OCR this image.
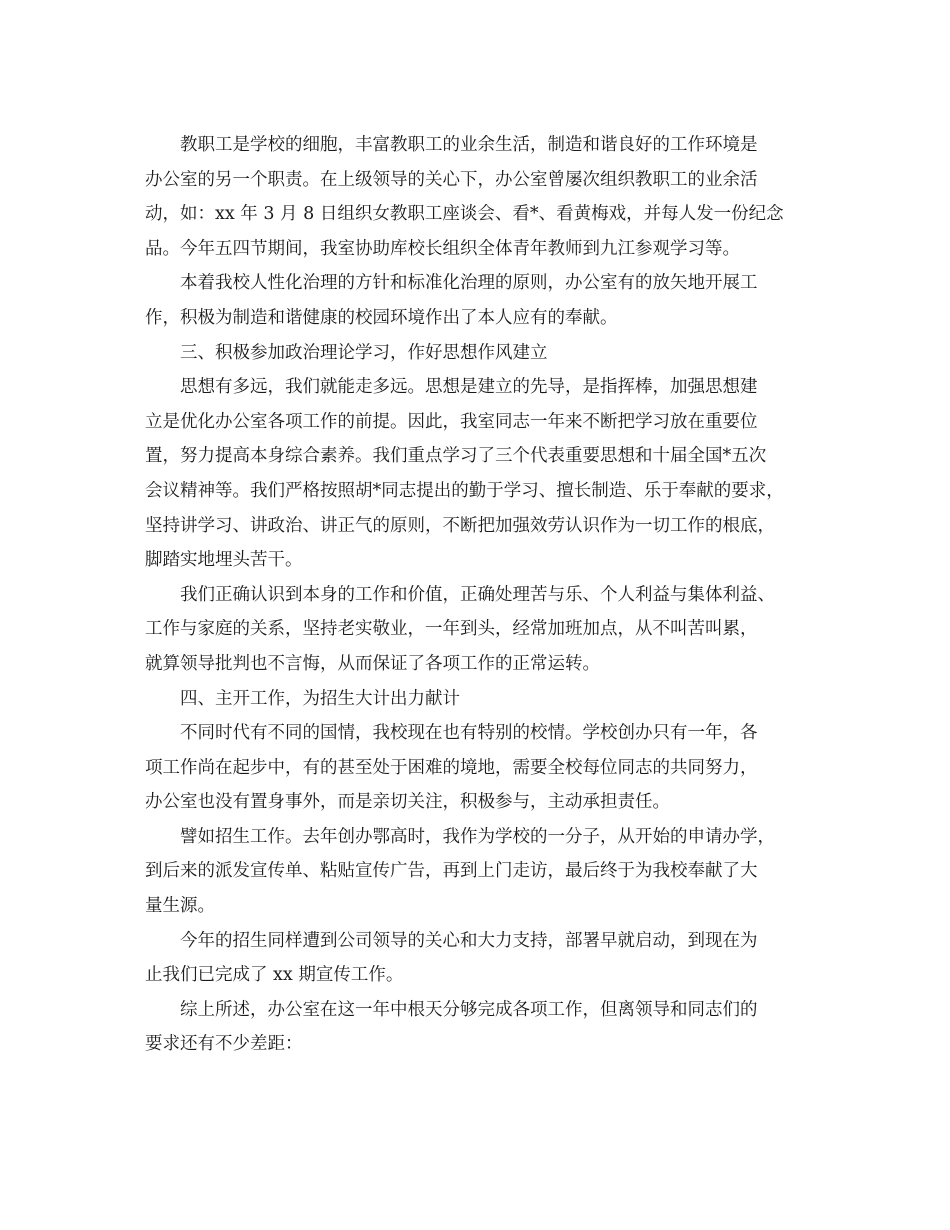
教职工是学校的细胞，丰富教职工的业余生活，制造和谐良好的工作环境是
办公室的另一个职责。在上级领导的关心下，办公室曾屡次组织教职工的业余活
动，如：xx 年 3 月 8 日组织女教职工座谈会、看*、看黄梅戏，并每人发一份纪念
品。今年五四节期间，我室协助库校长组织全体青年教师到九江参观学习等。
本着我校人性化治理的方针和标准化治理的原则，办公室有的放矢地开展工
作，积极为制造和谐健康的校园环境作出了本人应有的奉献。
三、积极参加政治理论学习，作好思想作风建立
思想有多远，我们就能走多远。思想是建立的先导，是指挥棒，加强思想建
立是优化办公室各项工作的前提。因此，我室同志一年来不断把学习放在重要位
置，努力提高本身综合素养。我们重点学习了三个代表重要思想和十届全国*五次
会议精神等。我们严格按照胡*同志提出的勤于学习、擅长制造、乐于奉献的要求，
坚持讲学习、讲政治、讲正气的原则，不断把加强效劳认识作为一切工作的根底，
脚踏实地埋头苦干。
我们正确认识到本身的工作和价值，正确处理苦与乐、个人利益与集体利益、
工作与家庭的关系，坚持老实敬业，一年到头，经常加班加点，从不叫苦叫累，
就算领导批判也不言悔，从而保证了各项工作的正常运转。
四、主开工作，为招生大计出力献计
不同时代有不同的国情，我校现在也有特别的校情。学校创办只有一年，各
项工作尚在起步中，有的甚至处于困难的境地，需要全校每位同志的共同努力，
办公室也没有置身事外，而是亲切关注，积极参与，主动承担责任。
譬如招生工作。去年创办鄂高时，我作为学校的一分子，从开始的申请办学，
到后来的派发宣传单、粘贴宣传广告，再到上门走访，最后终于为我校奉献了大
量生源。
今年的招生同样遭到公司领导的关心和大力支持，部署早就启动，到现在为
止我们已完成了 xx 期宣传工作。
综上所述，办公室在这一年中根天分够完成各项工作，但离领导和同志们的
要求还有不少差距：
